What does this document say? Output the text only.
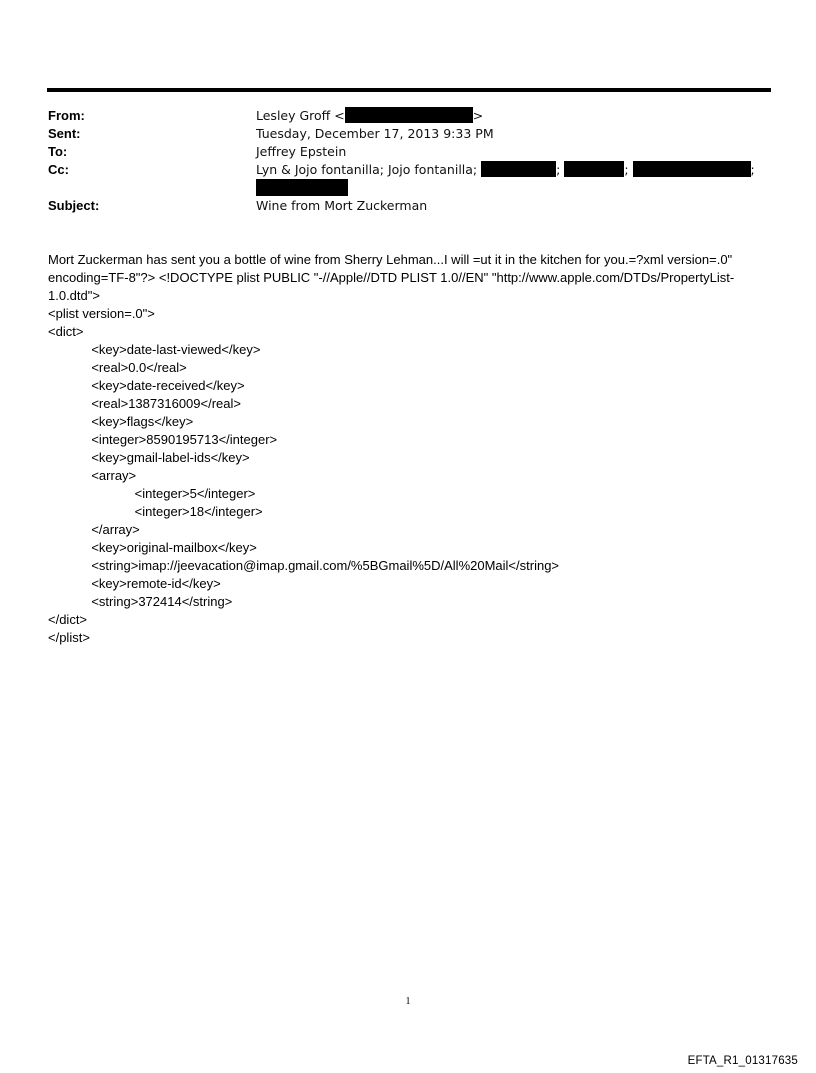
From:	Lesley Groff <	>
Sent:	Tuesday, December 17, 2013 9:33 PM
To:	Jeffrey Epstein
Cc:	Lyn & Jojo fontanilla; Jojo fontanilla;	;	;	;
Subject:	Wine from Mort Zuckerman
Mort Zuckerman has sent you a bottle of wine from Sherry Lehman...I will =ut it in the kitchen for you.=?xml version=.0" encoding=TF-8"?> <!DOCTYPE plist PUBLIC "-//Apple//DTD PLIST 1.0//EN" "http://www.apple.com/DTDs/PropertyList-1.0.dtd">
<plist version=.0">
<dict>
<key>date-last-viewed</key>
<real>0.0</real>
<key>date-received</key>
<real>1387316009</real>
<key>flags</key>
<integer>8590195713</integer>
<key>gmail-label-ids</key>
<array>
<integer>5</integer>
<integer>18</integer>
</array>
<key>original-mailbox</key>
<string>imap://jeevacation@imap.gmail.com/%5BGmail%5D/All%20Mail</string>
<key>remote-id</key>
<string>372414</string>
</dict>
</plist>
1
EFTA_R1_01317635
